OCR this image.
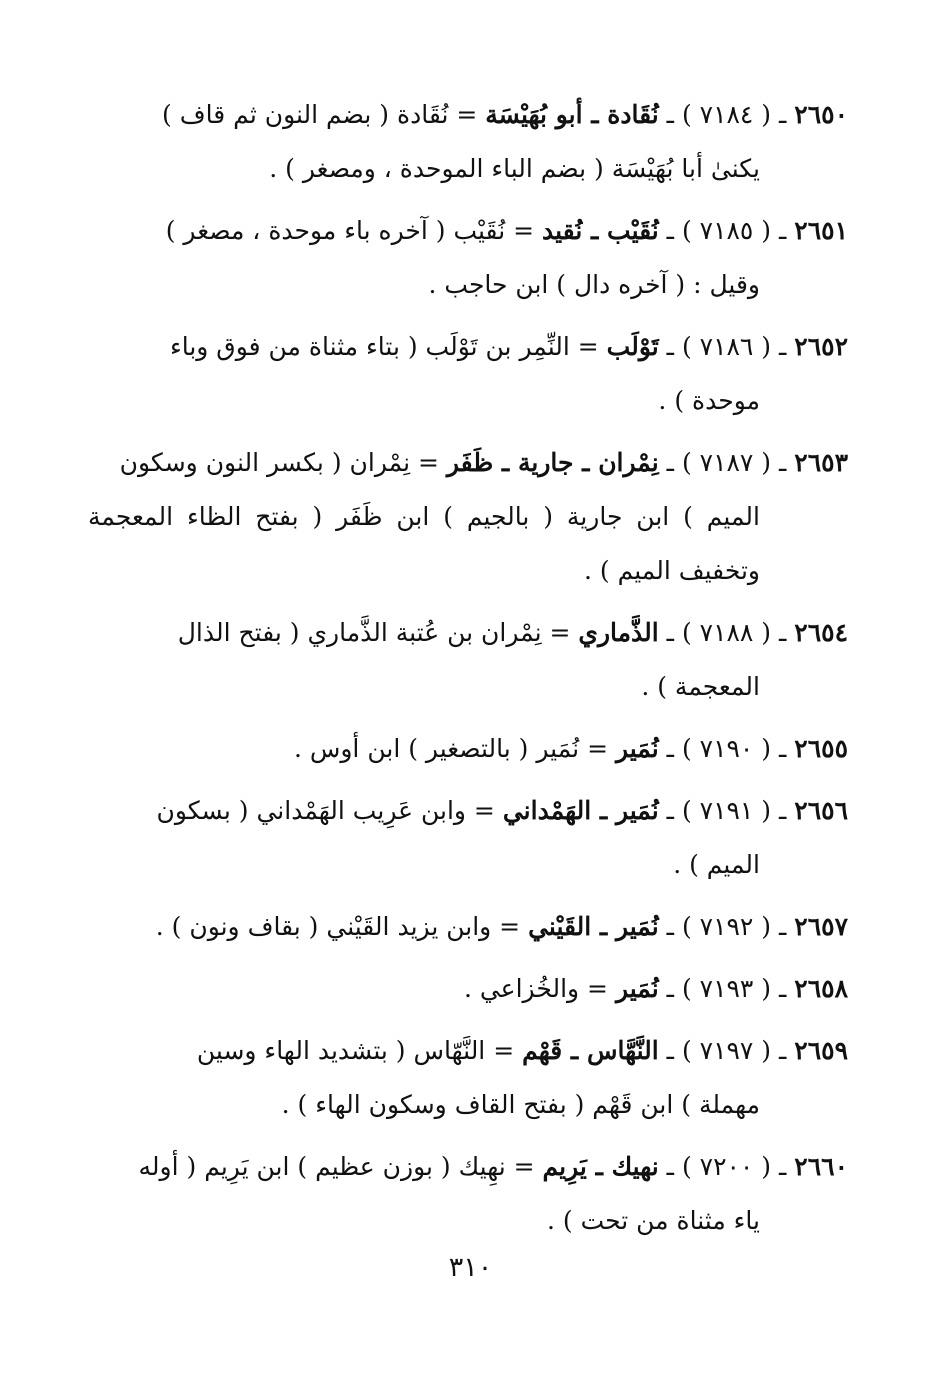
٢٦٥٠ ـ ( ٧١٨٤ ) ـ نُقَادة ـ أبو بُهَيْسَة = نُقَادة ( بضم النون ثم قاف )
يكنىٰ أبا بُهَيْسَة ( بضم الباء الموحدة ، ومصغر ) .
٢٦٥١ ـ ( ٧١٨٥ ) ـ نُقَيْب ـ نُقيد = نُقَيْب ( آخره باء موحدة ، مصغر )
وقيل : ( آخره دال ) ابن حاجب .
٢٦٥٢ ـ ( ٧١٨٦ ) ـ تَوْلَب = النِّمِر بن تَوْلَب ( بتاء مثناة من فوق وباء
موحدة ) .
٢٦٥٣ ـ ( ٧١٨٧ ) ـ نِمْران ـ جارية ـ ظَفَر = نِمْران ( بكسر النون وسكون
الميم ) ابن جارية ( بالجيم ) ابن ظَفَر ( بفتح الظاء المعجمة وتخفيف الميم ) .
٢٦٥٤ ـ ( ٧١٨٨ ) ـ الذَّماري = نِمْران بن عُتبة الذَّماري ( بفتح الذال
المعجمة ) .
٢٦٥٥ ـ ( ٧١٩٠ ) ـ نُمَير = نُمَير ( بالتصغير ) ابن أوس .
٢٦٥٦ ـ ( ٧١٩١ ) ـ نُمَير ـ الهَمْداني = وابن عَرِيب الهَمْداني ( بسكون
الميم ) .
٢٦٥٧ ـ ( ٧١٩٢ ) ـ نُمَير ـ القَيْني = وابن يزيد القَيْني ( بقاف ونون ) .
٢٦٥٨ ـ ( ٧١٩٣ ) ـ نُمَير = والخُزاعي .
٢٦٥٩ ـ ( ٧١٩٧ ) ـ النَّهَّاس ـ قَهْم = النَّهّاس ( بتشديد الهاء وسين
مهملة ) ابن قَهْم ( بفتح القاف وسكون الهاء ) .
٢٦٦٠ ـ ( ٧٢٠٠ ) ـ نهيك ـ يَرِيم = نهِيك ( بوزن عظيم ) ابن يَرِيم ( أوله
ياء مثناة من تحت ) .
٣١٠
